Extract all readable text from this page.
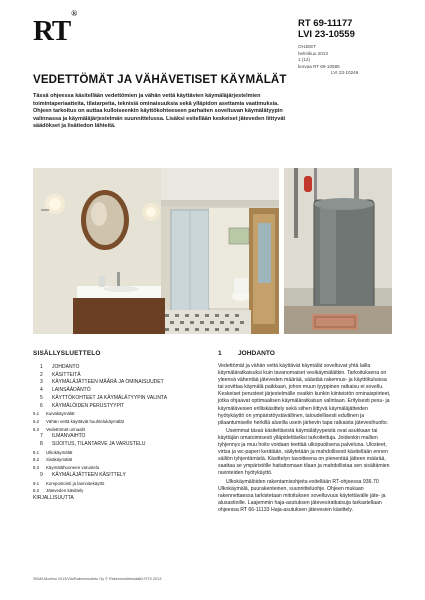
RT®
RT 69-11177
LVI 23-10559
OHJEET
helmikuu 2013
1 (12)
korvaa RT 69-10585
LVI 23-10246
VEDETTÖMÄT JA VÄHÄVETISET KÄYMÄLÄT

Tässä ohjeessa käsitellään vedettömien ja vähän vettä käyttävien käymäläjärjestelmien toimintaperiaatteita, tilatarpeita, teknisiä ominaisuuksia sekä ylläpidon asettamia vaatimuksia. Ohjeen tarkoitus on auttaa kulloiseenkin käyttökohteeseen parhaiten soveltuvan käymälätyypin valinnassa ja käymäläjärjestelmän suunnittelussa. Lisäksi esitellään keskeiset jäteveden liittyvät säädökset ja lisätiedon lähteitä.

SISÄLLYSLUETTELO
1	JOHDANTO
2	KÄSITTEITÄ
3	KÄYMÄLÄJÄTTEEN MÄÄRÄ JA OMINAISUUDET
4	LAINSÄÄDÄNTÖ
5	KÄYTTÖKOHTEET JA KÄYMÄLÄTYYPIN VALINTA
6	KÄYMÄLÖIDEN PERUSTYYPIT
6.1	Kuivakäymälät
6.2	Vähän vettä käyttävät huuhtelukäymälät
6.3	Vedettömät urinaalit
7	ILMANVAIHTO
8	SIJOITUS, TILANTARVE JA VARUSTELU
8.1	Ulkokäymälät
8.2	Sisäkäymälät
8.3	Käymälähuoneen varustelu
9	KÄYMÄLÄJÄTTEEN KÄSITTELY
9.1	Kompostointi ja lannoitekäyttö
9.2	Jäteveden käsittely
KIRJALLISUUTTA
1	JOHDANTO

Vedettömät ja vähän vettä käyttävät käymälät soveltuvat yhtä lailla käymäläratkaisuksi kuin tavanomaiset vesikäymäläitkin. Tarkoituksena on yleensä vähentää jäteveden määrää, säästää rakennus- ja käyttökuluissa tai sovittaa käymälä paikkaan, johon muun tyyppinen ratkaisu ei sovellu. Keskeiset perusteet järjestelmälle ovatkin kunkin kiinteistön ominaispiirteet, jotka ohjaavat optimaalisen käymäläratkaisun valintaan. Erityisesti pesu- ja käymälävesien erilliskäsittely sekä siihen liittyvä käymäläjätteiden hyötykäyttö on ympäristöystävällinen, taloudellisesti edullinen ja pilaantumiselle herkillä alueilla usein järkevin tapa ratkaista jätevesihuolto.

Useimmat tässä käsiteltävistä käymälätyypeistä ovat asukkaan tai käyttäjän omatoimisesti ylläpidettäviksi tarkoitettuja. Joidenkin mallien tyhjennys ja muu hoito voidaan teettää ulkopuolisena palveluna. Ulosteet, virtsa ja wc-paperi kerätään, säilytetään ja mahdollisesti käsitellään ennen säiliön tyhjentämistä. Käsittelyn tavoitteena on pienentää jätteen määrää, saattaa se ympäristölle haitattomaan tilaan ja mahdollistaa sen sisältämien ravinteiden hyötykäyttö.

Ulkokäymälöiden rakentamisohjeita esitellään RT-ohjeessa 936.70 Ulkokäymälä, puurakenteinen, suunnitteluohje. Ohjeen mukaan rakennettaessa tarkistetaan mitoituksen soveltuvuus käytettävälle jäte- ja alusastioille. Laajemmin haja-asutuksen jätevesiratkaisuja tarkastellaan ohjeessa RT 66-11133 Haja-asutuksen jätevesien käsittely.

SKM/Ulkoilmu 2013/Via/Rakennustieto Oy © Rakennustietosäätiö RTS 2013
